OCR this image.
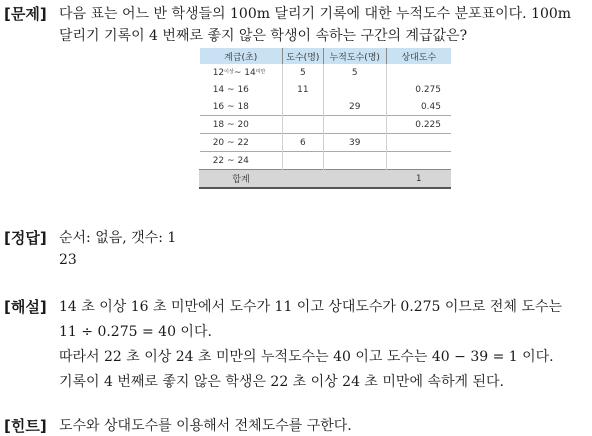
[문제] 다음 표는 어느 반 학생들의 100m 달리기 기록에 대한 누적도수 분포표이다. 100m
달리기 기록이 4 번째로 좋지 않은 학생이 속하는 구간의 계급값은?
계급(초)	도수(명)	누적도수(명)	상대도수
$12^{이상}\sim$ $14^{미만}$	5	5	
14 ~ 16	11		0.275
16 ~ 18		29	0.45
18 ~ 20			0.225
20 ~ 22	6	39	
22 ~ 24			
합계			1
[정답] 순서: 없음, 갯수: 1
23
[해설] 14 초 이상 16 초 미만에서 도수가 11 이고 상대도수가 0.275 이므로 전체 도수는
11 ÷ 0.275 = 40 이다.
따라서 22 초 이상 24 초 미만의 누적도수는 40 이고 도수는 40 − 39 = 1 이다.
기록이 4 번째로 좋지 않은 학생은 22 초 이상 24 초 미만에 속하게 된다.
[힌트] 도수와 상대도수를 이용해서 전체도수를 구한다.
